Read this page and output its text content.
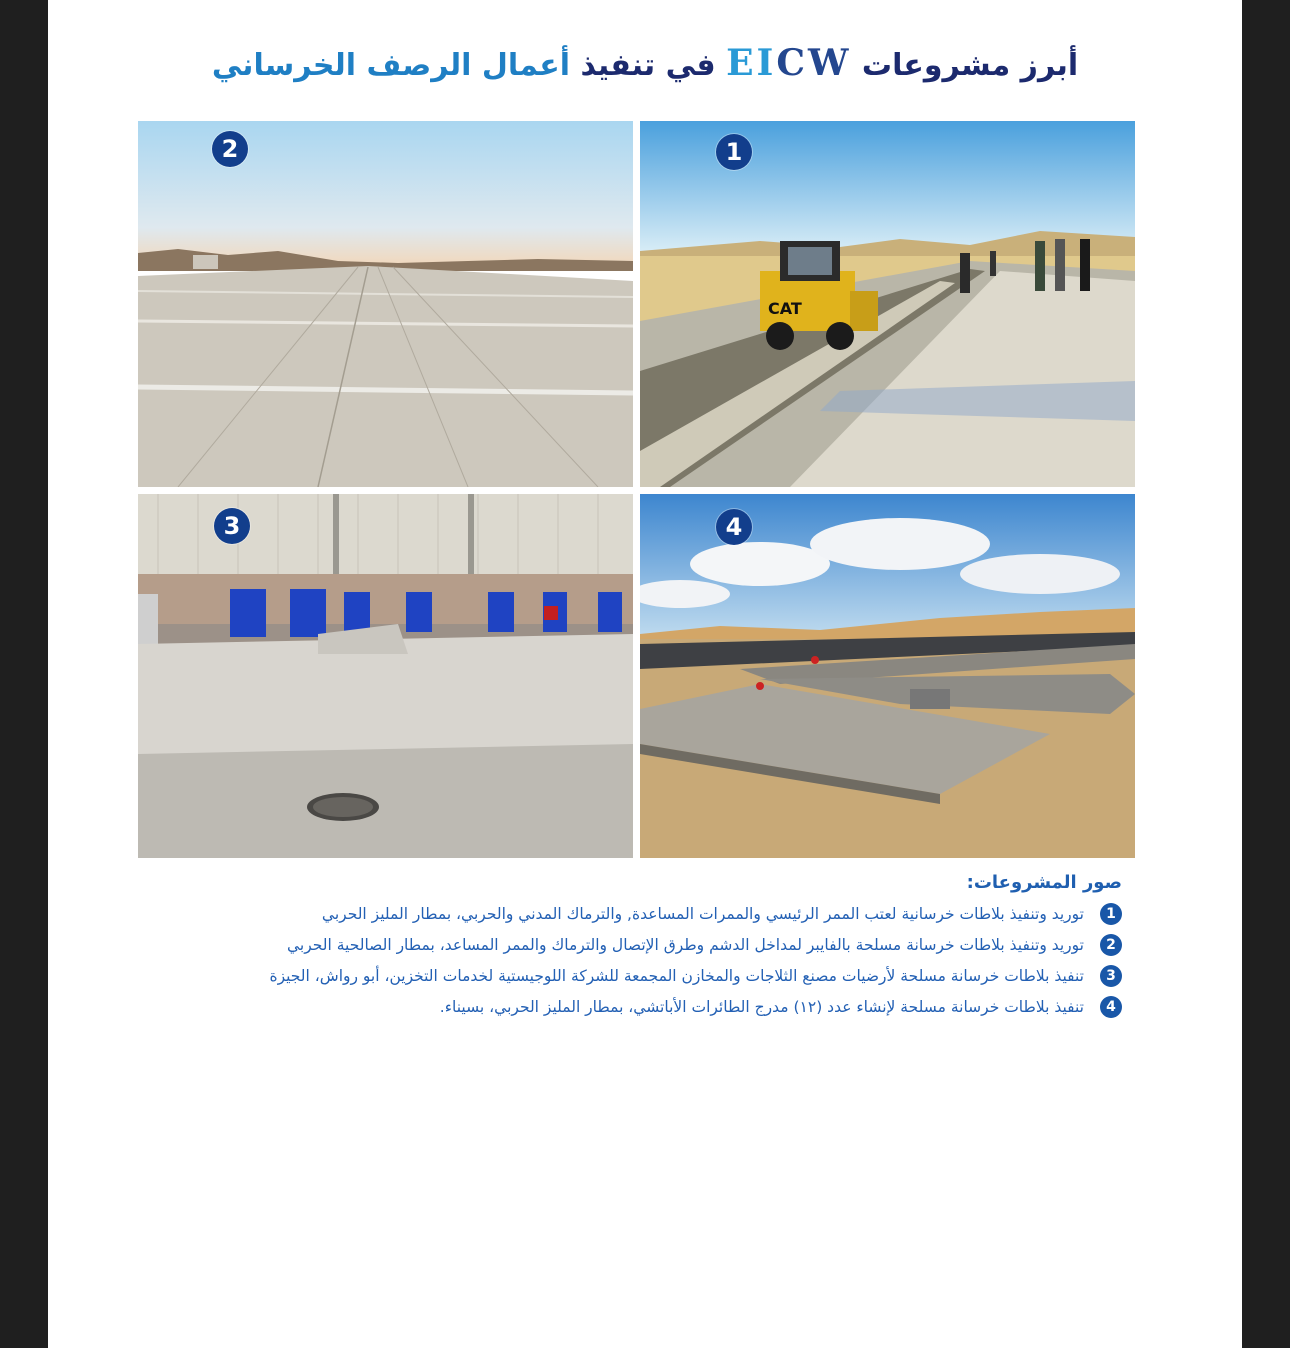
أبرز مشروعات EICW في تنفيذ أعمال الرصف الخرساني
CAT
1
2
3	4
صور المشروعات:
1
توريد وتنفيذ بلاطات خرسانية لعتب الممر الرئيسي والممرات المساعدة, والترماك المدني والحربي، بمطار المليز الحربي
2
توريد وتنفيذ بلاطات خرسانة مسلحة بالفايبر لمداخل الدشم وطرق الإتصال والترماك والممر المساعد، بمطار الصالحية الحربي
3
تنفيذ بلاطات خرسانة مسلحة لأرضيات مصنع الثلاجات والمخازن المجمعة للشركة اللوجيستية لخدمات التخزين، أبو رواش، الجيزة
4
تنفيذ بلاطات خرسانة مسلحة لإنشاء عدد (١٢) مدرج الطائرات الأباتشي، بمطار المليز الحربي، بسيناء.
